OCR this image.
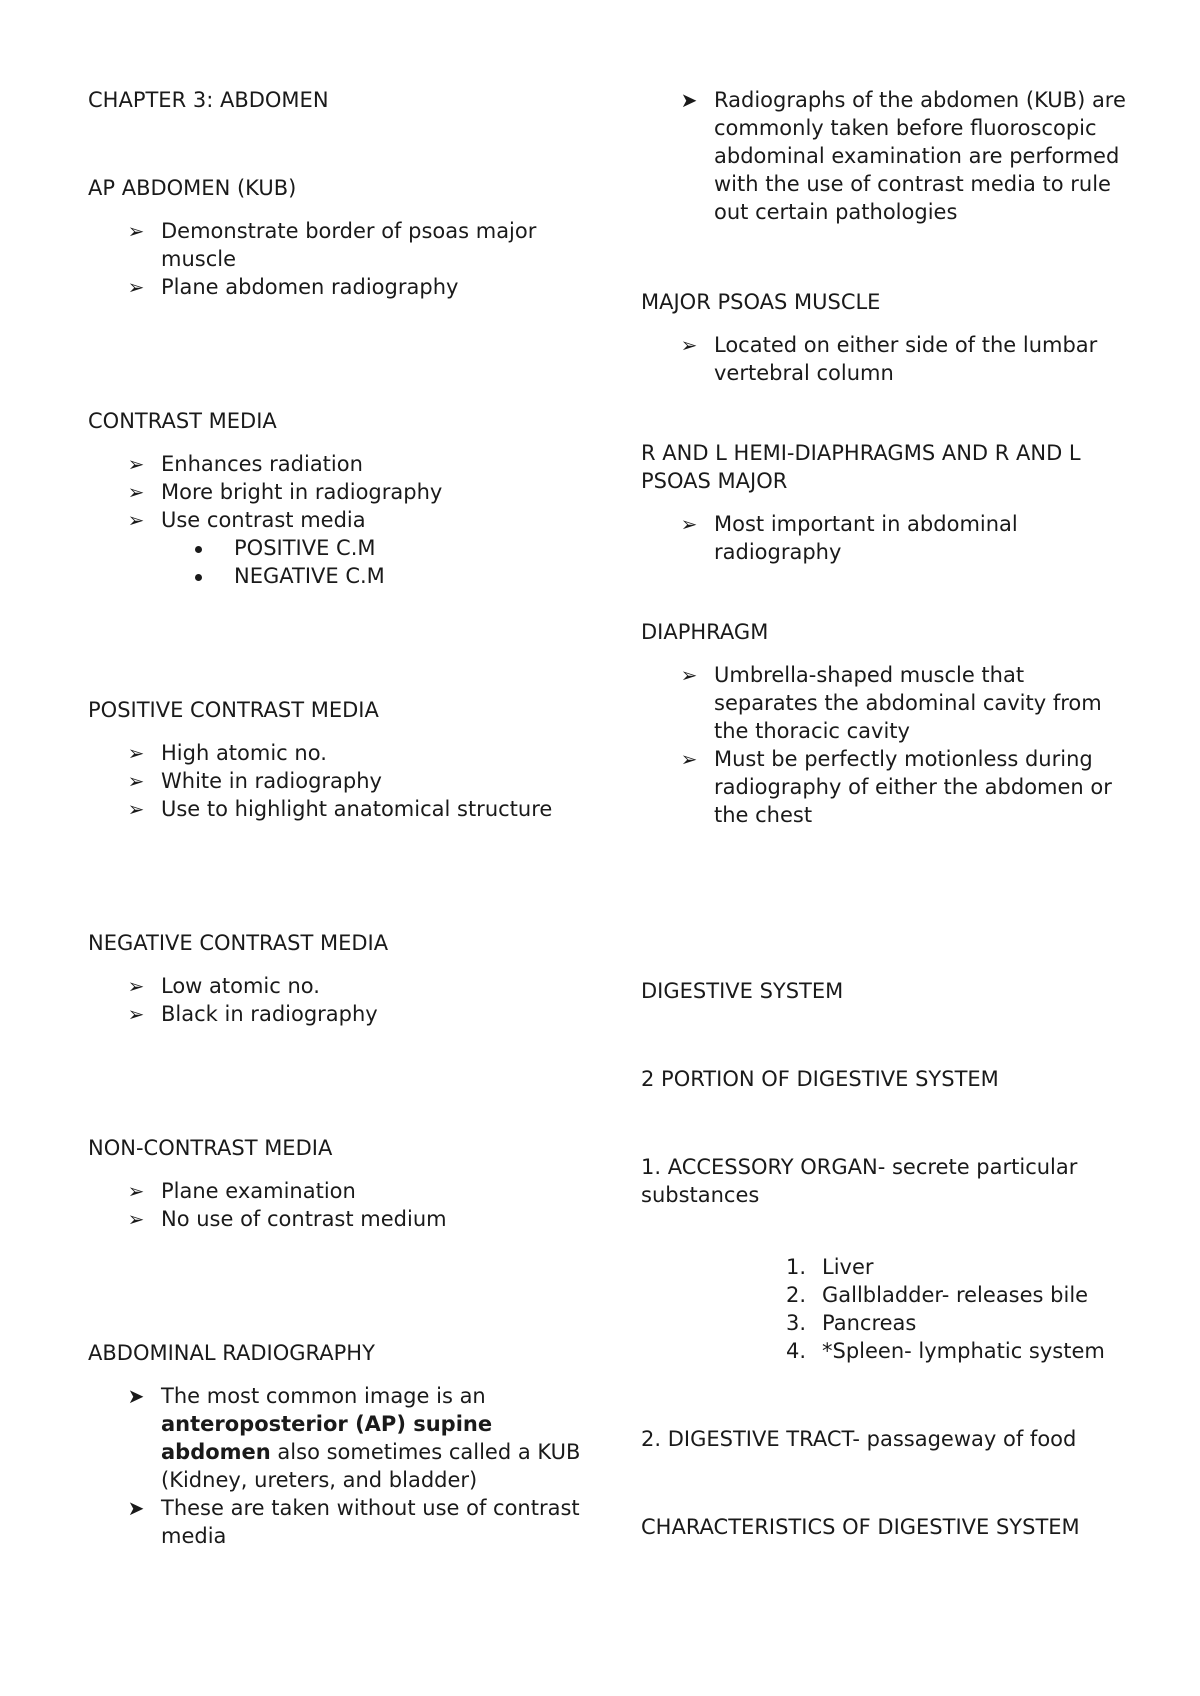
CHAPTER 3: ABDOMEN

AP ABDOMEN (KUB)

➢ Demonstrate border of psoas major muscle
➢ Plane abdomen radiography

CONTRAST MEDIA

➢ Enhances radiation
➢ More bright in radiography
➢ Use contrast media
POSITIVE C.M
NEGATIVE C.M

POSITIVE CONTRAST MEDIA

➢ High atomic no.
➢ White in radiography
➢ Use to highlight anatomical structure

NEGATIVE CONTRAST MEDIA

➢ Low atomic no.
➢ Black in radiography

NON-CONTRAST MEDIA

➢ Plane examination
➢ No use of contrast medium

ABDOMINAL RADIOGRAPHY

➤ The most common image is an anteroposterior (AP) supine abdomen also sometimes called a KUB (Kidney, ureters, and bladder)
➤ These are taken without use of contrast media
➤ Radiographs of the abdomen (KUB) are commonly taken before fluoroscopic abdominal examination are performed with the use of contrast media to rule out certain pathologies

MAJOR PSOAS MUSCLE

➢ Located on either side of the lumbar vertebral column

R AND L HEMI-DIAPHRAGMS AND R AND L PSOAS MAJOR

➢ Most important in abdominal radiography

DIAPHRAGM

➢ Umbrella-shaped muscle that separates the abdominal cavity from the thoracic cavity
➢ Must be perfectly motionless during radiography of either the abdomen or the chest

DIGESTIVE SYSTEM

2 PORTION OF DIGESTIVE SYSTEM

1. ACCESSORY ORGAN- secrete particular substances

1. Liver
2. Gallbladder- releases bile
3. Pancreas
4. *Spleen- lymphatic system

2. DIGESTIVE TRACT- passageway of food

CHARACTERISTICS OF DIGESTIVE SYSTEM
